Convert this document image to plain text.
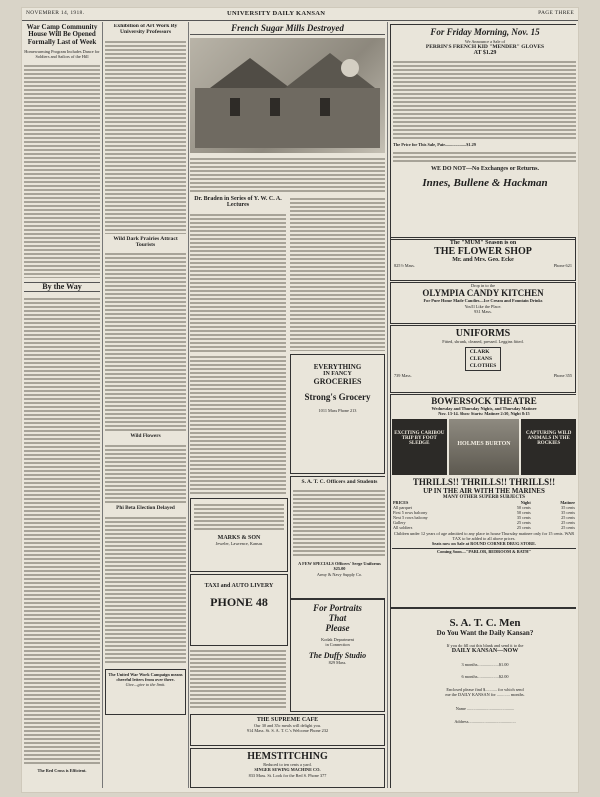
NOVEMBER 14, 1918.	UNIVERSITY DAILY KANSAN	PAGE THREE
War Camp Community
House Will Be Opened
Formally Last of Week
Homewarming Program Includes Dance for Soldiers and Sailors of the Hill
By the Way
The Red Cross is Efficient.
Exhibition of Art Work By University Professors
Wild Dark Prairies Attract Tourists
Wild Flowers
Phi Beta Election Delayed
The United War Work Campaign means cheerful letters from over there.
Give—give to the limit.
French Sugar Mills Destroyed
Dr. Braden in Series of Y. W. C. A. Lectures
EVERYTHING
IN FANCY
GROCERIES
Strong's Grocery
1011 Mass Phone 213
S. A. T. C. Officers and Students
A FEW SPECIALS Officers' Serge Uniforms $25.00
Army & Navy Supply Co.
MARKS & SON
Jeweler, Lawrence, Kansas
TAXI and AUTO LIVERY
PHONE 48	For Portraits
That
Please
Kodak Department
in Connection
The Duffy Studio
829 Mass.
THE SUPREME CAFE
Our 30 and 35c meals will delight you.
914 Mass. St. S. A. T. C.'s Welcome Phone 232
HEMSTITCHING
Reduced to ten cents a yard.
SINGER SEWING MACHINE CO.
833 Mass. St. Look for the Red S. Phone 377
For Friday Morning, Nov. 15
We Announce a Sale of
PERRIN'S FRENCH KID "MENDER" GLOVES
AT $1.29
The Price for This Sale, Pair....................$1.29
WE DO NOT—No Exchanges or Returns.
Innes, Bullene & Hackman
The "MUM" Season is on
THE FLOWER SHOP
Mr. and Mrs. Geo. Ecke
825½ Mass.	Phone 621
Drop in to the
OLYMPIA CANDY KITCHEN
For Pure Home Made Candies—Ice Cream and Fountain Drinks
You'll Like the Place.
931 Mass.
UNIFORMS
Fitted, shrunk, cleaned, pressed. Leggins fitted.
CLARK
CLEANS
CLOTHES
739 Mass.	Phone 355
BOWERSOCK THEATRE
Wednesday and Thursday Nights, and Thursday Matinee
Nov. 13-14. Show Starts: Matinee 2:30, Night 8:15
EXCITING CARIBOU TRIP BY FOOT SLEDGE	HOLMES BURTON
CAPTURING WILD ANIMALS IN THE ROCKIES
THRILLS!! THRILLS!! THRILLS!!
UP IN THE AIR WITH THE MARINES
MANY OTHER SUPERB SUBJECTS
PRICES	Night	Matinee
All parquet	50 cents	35 cents
First 5 rows balcony	50 cents	35 cents
Next 5 rows balcony	35 cents	25 cents
Gallery	25 cents	25 cents
All soldiers	25 cents	25 cents
Children under 12 years of age admitted to any place in house Thursday matinee only for 15 cents. WAR TAX to be added to all above prices.
Seats now on Sale at ROUND CORNER DRUG STORE.
Coming Soon—"PARLOR, BEDROOM & BATH"
S. A. T. C. Men
Do You Want the Daily Kansan?
If you do fill out this blank and send it to the
DAILY KANSAN—NOW
3 months....................$1.00
6 months....................$2.00
Enclosed please find $........... for which send
me the DAILY KANSAN for ............ months.
Name ............................................
Address............................................
